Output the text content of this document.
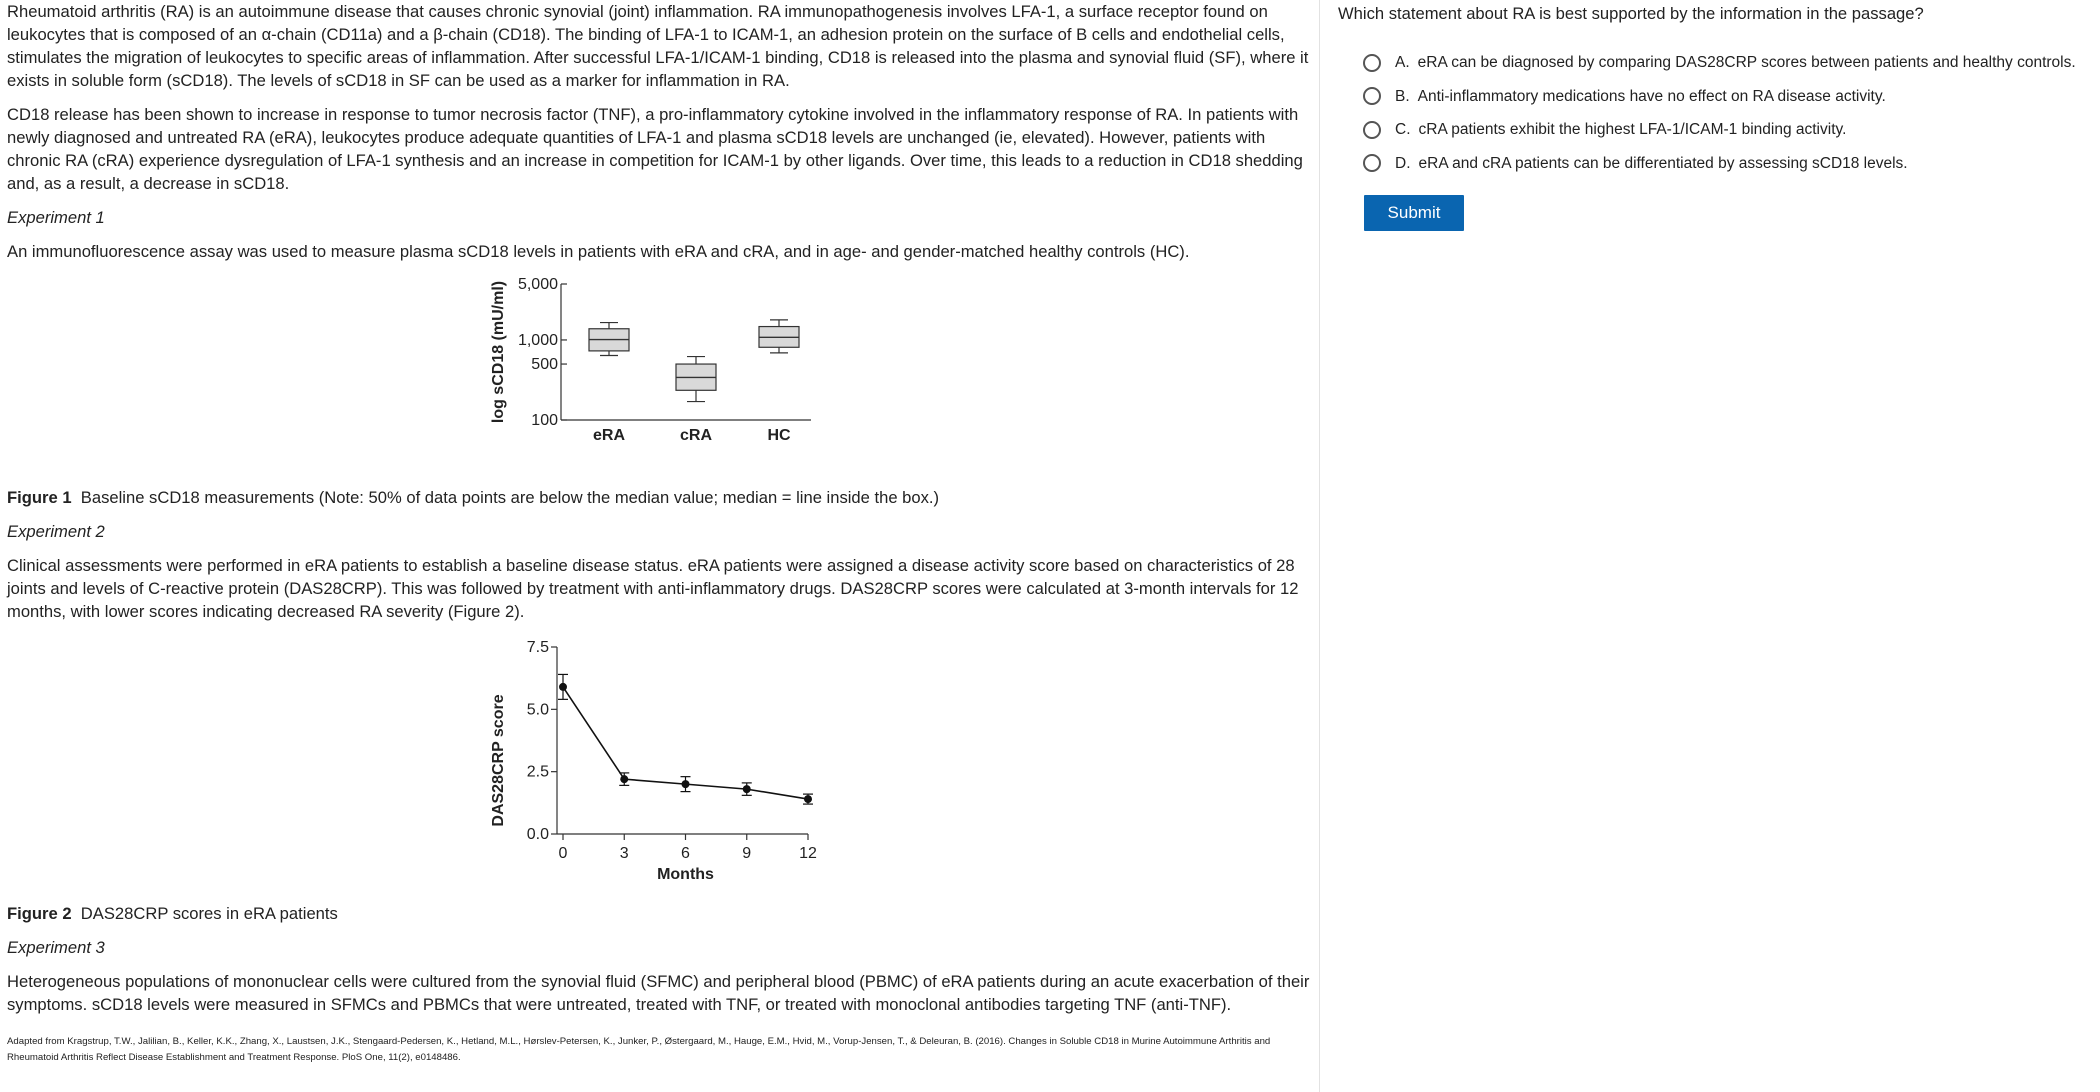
Rheumatoid arthritis (RA) is an autoimmune disease that causes chronic synovial (joint) inflammation. RA immunopathogenesis involves LFA-1, a surface receptor found on leukocytes that is composed of an α-chain (CD11a) and a β-chain (CD18). The binding of LFA-1 to ICAM-1, an adhesion protein on the surface of B cells and endothelial cells, stimulates the migration of leukocytes to specific areas of inflammation. After successful LFA-1/ICAM-1 binding, CD18 is released into the plasma and synovial fluid (SF), where it exists in soluble form (sCD18). The levels of sCD18 in SF can be used as a marker for inflammation in RA.

CD18 release has been shown to increase in response to tumor necrosis factor (TNF), a pro-inflammatory cytokine involved in the inflammatory response of RA. In patients with newly diagnosed and untreated RA (eRA), leukocytes produce adequate quantities of LFA-1 and plasma sCD18 levels are unchanged (ie, elevated). However, patients with chronic RA (cRA) experience dysregulation of LFA-1 synthesis and an increase in competition for ICAM-1 by other ligands. Over time, this leads to a reduction in CD18 shedding and, as a result, a decrease in sCD18.

Experiment 1

An immunofluorescence assay was used to measure plasma sCD18 levels in patients with eRA and cRA, and in age- and gender-matched healthy controls (HC).

100
500
1,000
5,000
log sCD18 (mU/ml)
eRA	cRA	HC

Figure 1 Baseline sCD18 measurements (Note: 50% of data points are below the median value; median = line inside the box.)

Experiment 2

Clinical assessments were performed in eRA patients to establish a baseline disease status. eRA patients were assigned a disease activity score based on characteristics of 28 joints and levels of C-reactive protein (DAS28CRP). This was followed by treatment with anti-inflammatory drugs. DAS28CRP scores were calculated at 3-month intervals for 12 months, with lower scores indicating decreased RA severity (Figure 2).

0.0
2.5
5.0
7.5
0	3	6	9	12
Months
DAS28CRP score

Figure 2 DAS28CRP scores in eRA patients

Experiment 3

Heterogeneous populations of mononuclear cells were cultured from the synovial fluid (SFMC) and peripheral blood (PBMC) of eRA patients during an acute exacerbation of their symptoms. sCD18 levels were measured in SFMCs and PBMCs that were untreated, treated with TNF, or treated with monoclonal antibodies targeting TNF (anti-TNF).

Adapted from Kragstrup, T.W., Jalilian, B., Keller, K.K., Zhang, X., Laustsen, J.K., Stengaard-Pedersen, K., Hetland, M.L., Hørslev-Petersen, K., Junker, P., Østergaard, M., Hauge, E.M., Hvid, M., Vorup-Jensen, T., & Deleuran, B. (2016). Changes in Soluble CD18 in Murine Autoimmune Arthritis and
Rheumatoid Arthritis Reflect Disease Establishment and Treatment Response. PloS One, 11(2), e0148486.

Which statement about RA is best supported by the information in the passage?

A. eRA can be diagnosed by comparing DAS28CRP scores between patients and healthy controls.
B. Anti-inflammatory medications have no effect on RA disease activity.
C. cRA patients exhibit the highest LFA-1/ICAM-1 binding activity.
D. eRA and cRA patients can be differentiated by assessing sCD18 levels.
Submit
